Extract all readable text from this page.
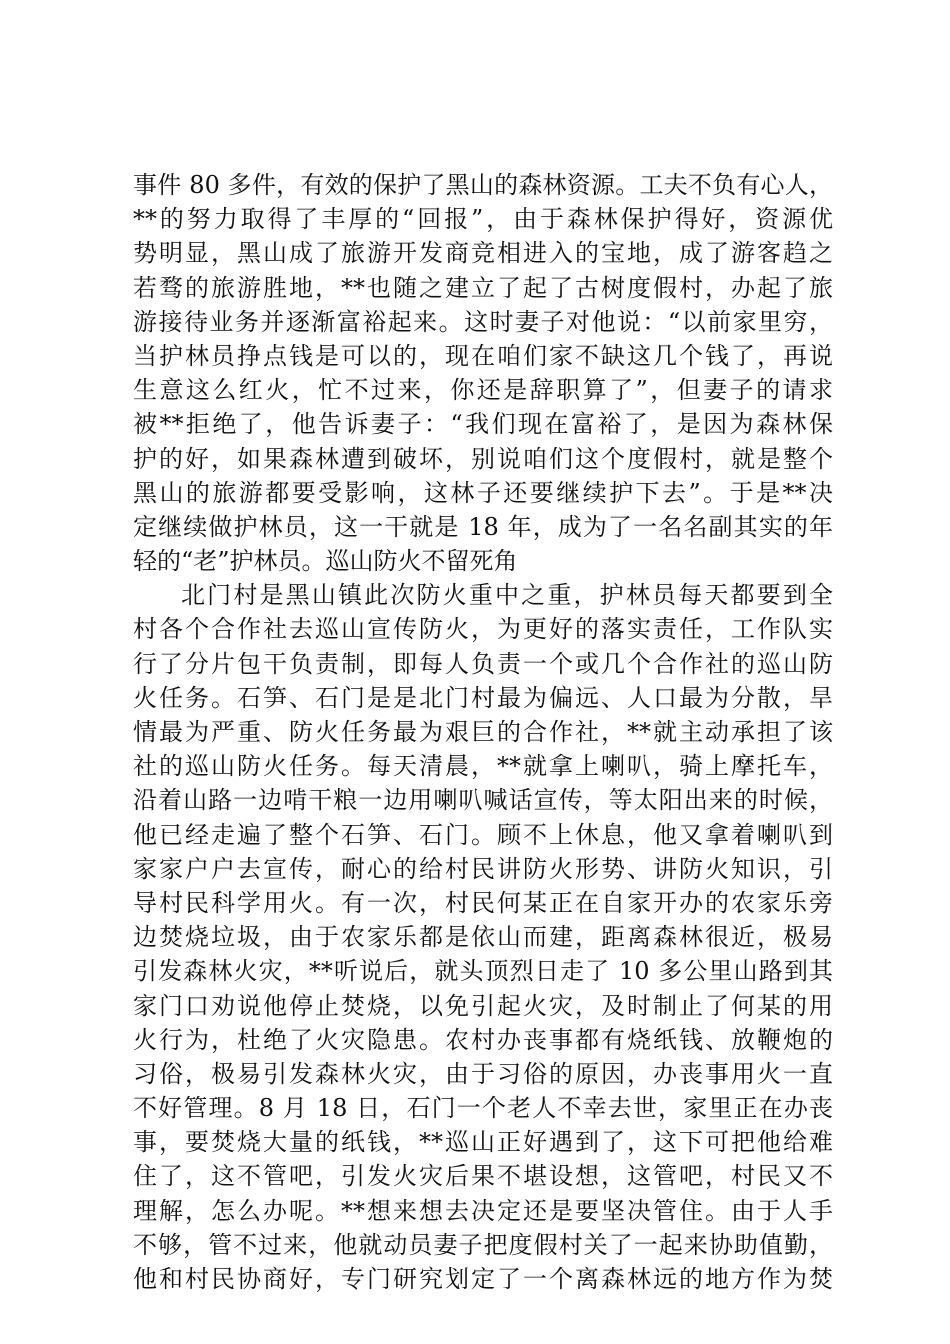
事件 80 多件，有效的保护了黑山的森林资源。工夫不负有心人，
**的努力取得了丰厚的“回报”，由于森林保护得好，资源优
势明显，黑山成了旅游开发商竞相进入的宝地，成了游客趋之
若骛的旅游胜地，**也随之建立了起了古树度假村，办起了旅
游接待业务并逐渐富裕起来。这时妻子对他说：“以前家里穷，
当护林员挣点钱是可以的，现在咱们家不缺这几个钱了，再说
生意这么红火，忙不过来，你还是辞职算了”，但妻子的请求
被**拒绝了，他告诉妻子：“我们现在富裕了，是因为森林保
护的好，如果森林遭到破坏，别说咱们这个度假村，就是整个
黑山的旅游都要受影响，这林子还要继续护下去”。于是**决
定继续做护林员，这一干就是 18 年，成为了一名名副其实的年
轻的“老”护林员。巡山防火不留死角
北门村是黑山镇此次防火重中之重，护林员每天都要到全
村各个合作社去巡山宣传防火，为更好的落实责任，工作队实
行了分片包干负责制，即每人负责一个或几个合作社的巡山防
火任务。石笋、石门是是北门村最为偏远、人口最为分散，旱
情最为严重、防火任务最为艰巨的合作社，**就主动承担了该
社的巡山防火任务。每天清晨，**就拿上喇叭，骑上摩托车，
沿着山路一边啃干粮一边用喇叭喊话宣传，等太阳出来的时候，
他已经走遍了整个石笋、石门。顾不上休息，他又拿着喇叭到
家家户户去宣传，耐心的给村民讲防火形势、讲防火知识，引
导村民科学用火。有一次，村民何某正在自家开办的农家乐旁
边焚烧垃圾，由于农家乐都是依山而建，距离森林很近，极易
引发森林火灾，**听说后，就头顶烈日走了 10 多公里山路到其
家门口劝说他停止焚烧，以免引起火灾，及时制止了何某的用
火行为，杜绝了火灾隐患。农村办丧事都有烧纸钱、放鞭炮的
习俗，极易引发森林火灾，由于习俗的原因，办丧事用火一直
不好管理。8 月 18 日，石门一个老人不幸去世，家里正在办丧
事，要焚烧大量的纸钱，**巡山正好遇到了，这下可把他给难
住了，这不管吧，引发火灾后果不堪设想，这管吧，村民又不
理解，怎么办呢。**想来想去决定还是要坚决管住。由于人手
不够，管不过来，他就动员妻子把度假村关了一起来协助值勤，
他和村民协商好，专门研究划定了一个离森林远的地方作为焚
